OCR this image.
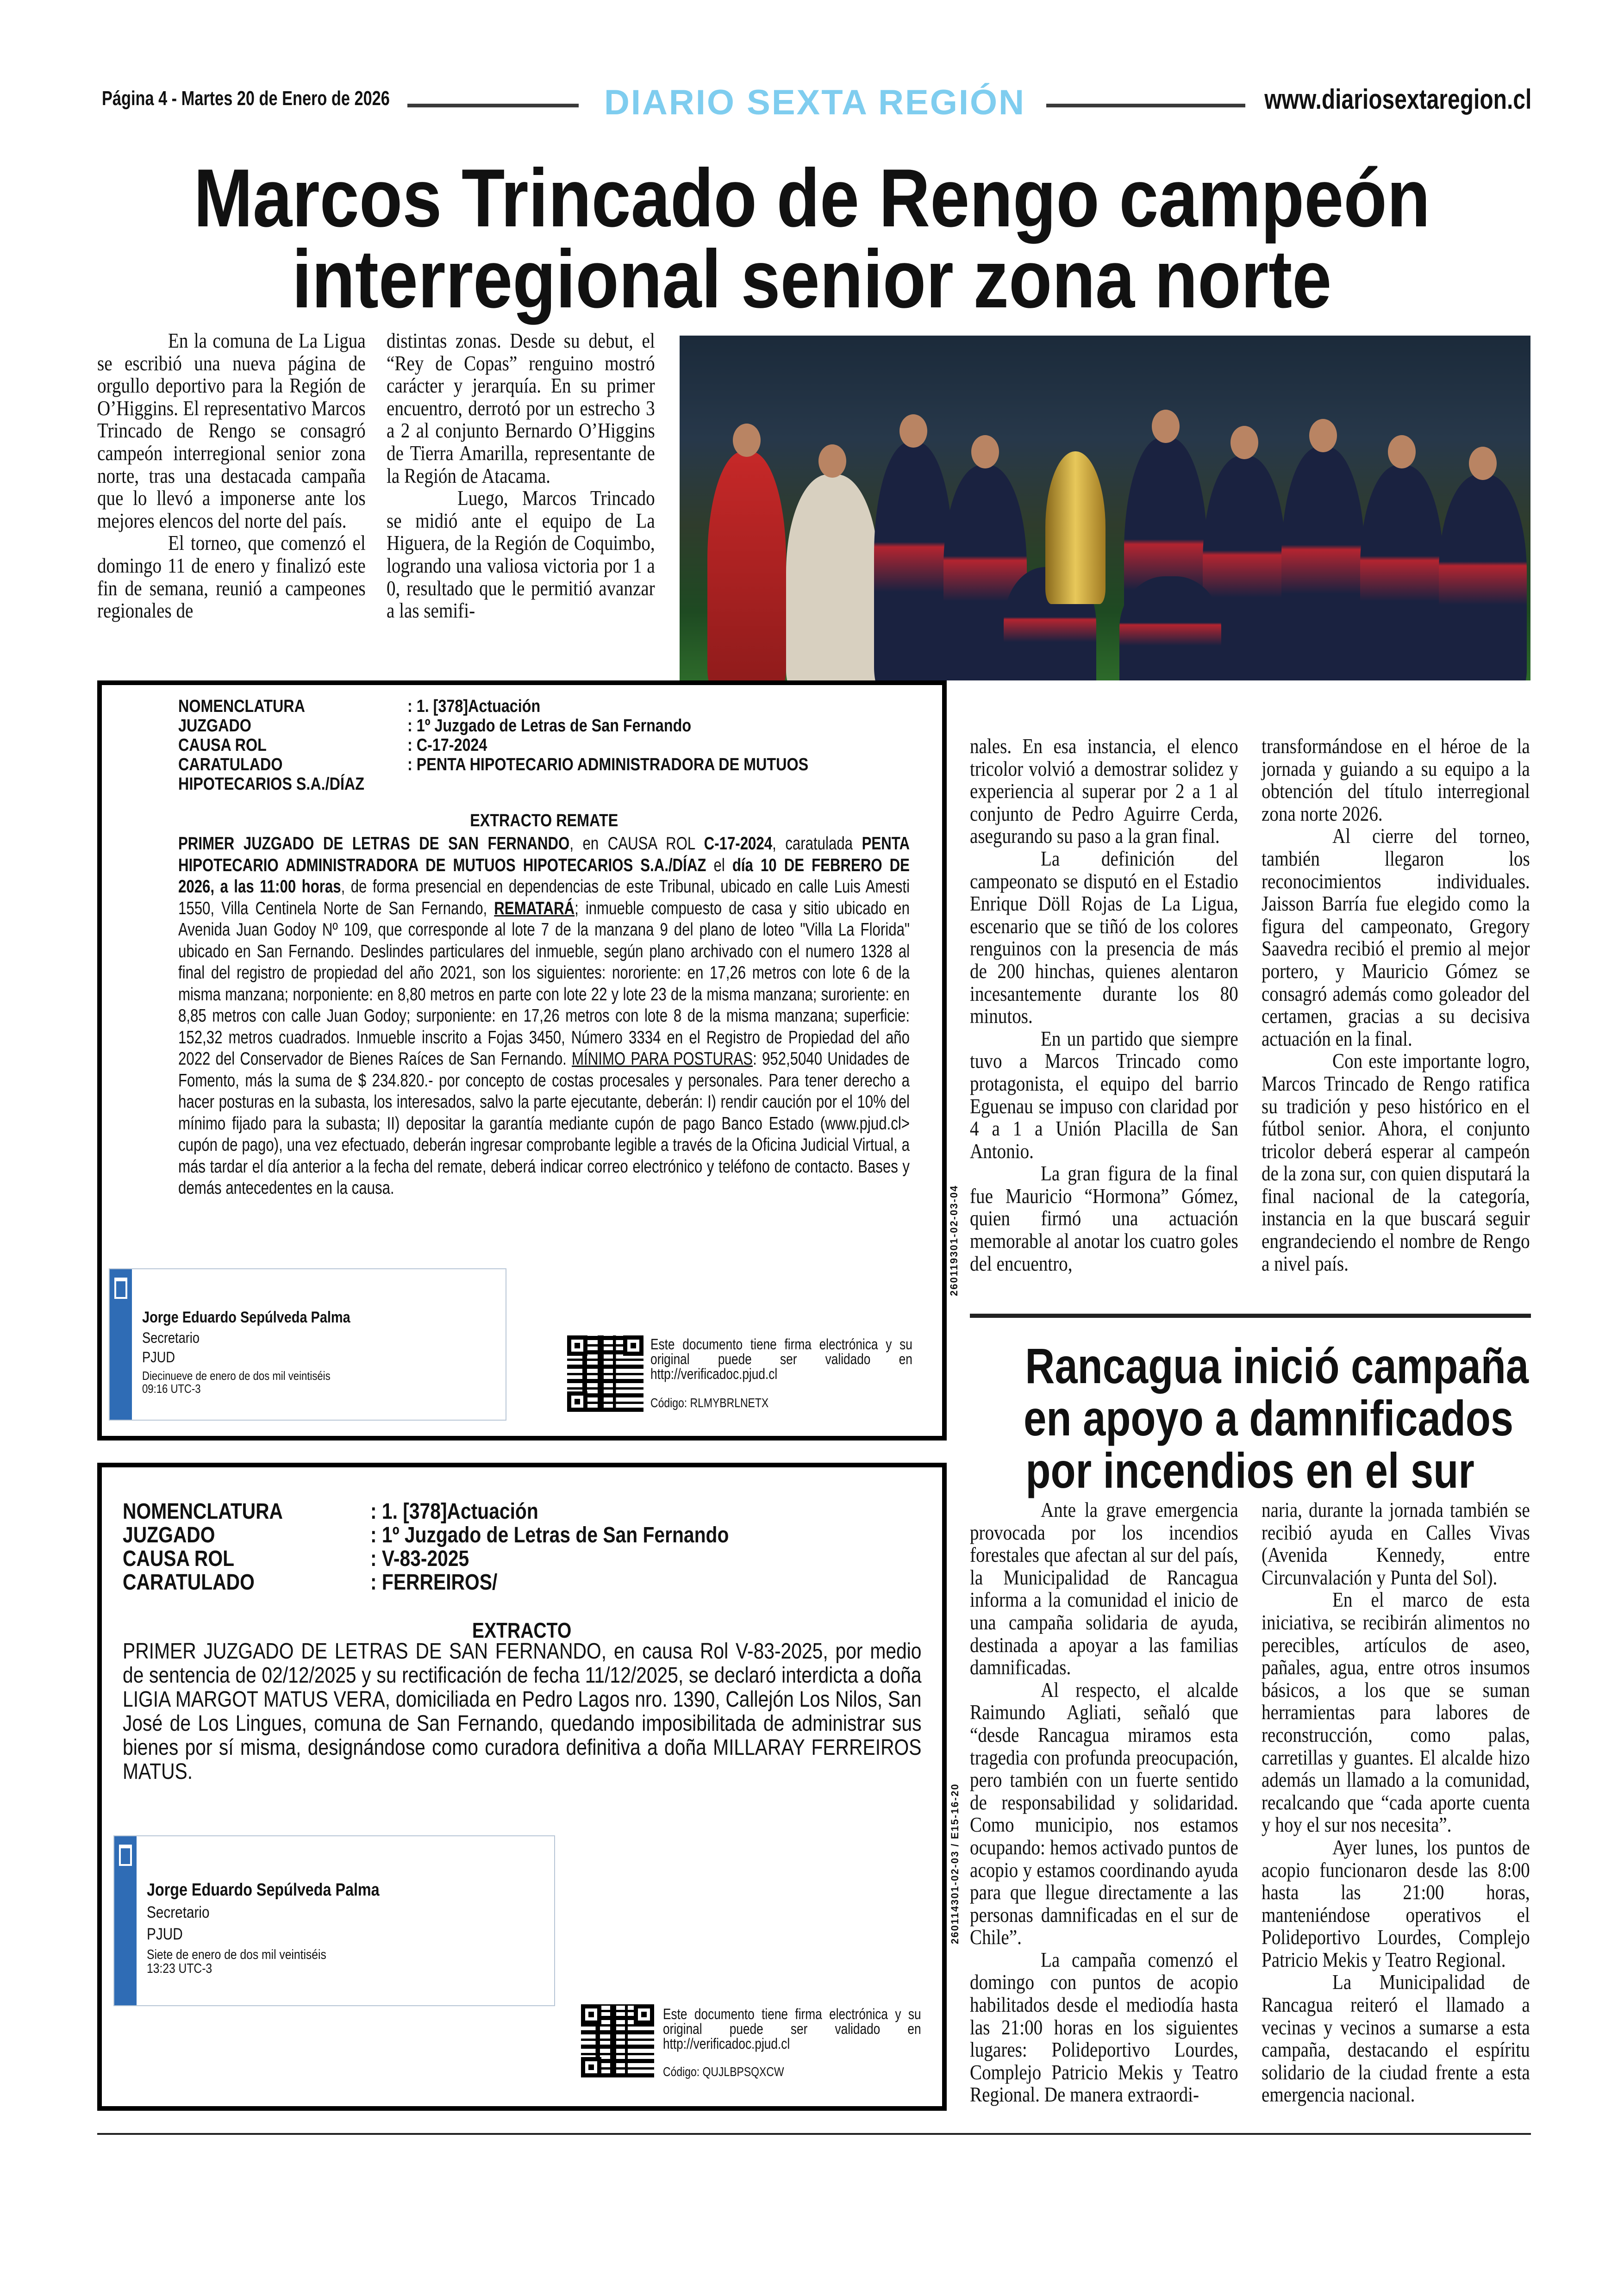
Página 4 - Martes 20 de Enero de 2026	DIARIO SEXTA REGIÓN	www.diariosextaregion.cl
Marcos Trincado de Rengo campeón
interregional senior zona norte

En la comuna de La Ligua se escribió una nueva página de orgullo deportivo para la Región de O’Higgins. El representativo Marcos Trincado de Rengo se consagró campeón interregional senior zona norte, tras una destacada campaña que lo llevó a imponerse ante los mejores elencos del norte del país.

El torneo, que comenzó el domingo 11 de enero y finalizó este fin de semana, reunió a campeones regionales de

distintas zonas. Desde su debut, el “Rey de Copas” renguino mostró carácter y jerarquía. En su primer encuentro, derrotó por un estrecho 3 a 2 al conjunto Bernardo O’Higgins de Tierra Amarilla, representante de la Región de Atacama.

Luego, Marcos Trincado se midió ante el equipo de La Higuera, de la Región de Coquimbo, logrando una valiosa victoria por 1 a 0, resultado que le permitió avanzar a las semifi-

NOMENCLATURA	: 1. [378]Actuación
JUZGADO	: 1º Juzgado de Letras de San Fernando
CAUSA ROL	: C-17-2024
CARATULADO	: PENTA HIPOTECARIO ADMINISTRADORA DE MUTUOS
HIPOTECARIOS S.A./DÍAZ
EXTRACTO REMATE
PRIMER JUZGADO DE LETRAS DE SAN FERNANDO, en CAUSA ROL C-17-2024, caratulada PENTA HIPOTECARIO ADMINISTRADORA DE MUTUOS HIPOTECARIOS S.A./DÍAZ el día 10 DE FEBRERO DE 2026, a las 11:00 horas, de forma presencial en dependencias de este Tribunal, ubicado en calle Luis Amesti 1550, Villa Centinela Norte de San Fernando, REMATARÁ; inmueble compuesto de casa y sitio ubicado en Avenida Juan Godoy Nº 109, que corresponde al lote 7 de la manzana 9 del plano de loteo "Villa La Florida" ubicado en San Fernando. Deslindes particulares del inmueble, según plano archivado con el numero 1328 al final del registro de propiedad del año 2021, son los siguientes: nororiente: en 17,26 metros con lote 6 de la misma manzana; norponiente: en 8,80 metros en parte con lote 22 y lote 23 de la misma manzana; suroriente: en 8,85 metros con calle Juan Godoy; surponiente: en 17,26 metros con lote 8 de la misma manzana; superficie: 152,32 metros cuadrados. Inmueble inscrito a Fojas 3450, Número 3334 en el Registro de Propiedad del año 2022 del Conservador de Bienes Raíces de San Fernando. MÍNIMO PARA POSTURAS: 952,5040 Unidades de Fomento, más la suma de $ 234.820.- por concepto de costas procesales y personales. Para tener derecho a hacer posturas en la subasta, los interesados, salvo la parte ejecutante, deberán: I) rendir caución por el 10% del mínimo fijado para la subasta; II) depositar la garantía mediante cupón de pago Banco Estado (www.pjud.cl> cupón de pago), una vez efectuado, deberán ingresar comprobante legible a través de la Oficina Judicial Virtual, a más tardar el día anterior a la fecha del remate, deberá indicar correo electrónico y teléfono de contacto. Bases y demás antecedentes en la causa.
Jorge Eduardo Sepúlveda Palma
Secretario
PJUD
Diecinueve de enero de dos mil veintiséis
09:16 UTC-3
Este documento tiene firma electrónica y su original puede ser validado en http://verificadoc.pjud.cl
Código: RLMYBRLNETX
260119301-02-03-04
NOMENCLATURA	: 1. [378]Actuación
JUZGADO	: 1º Juzgado de Letras de San Fernando
CAUSA ROL	: V-83-2025
CARATULADO	: FERREIROS/
EXTRACTO
PRIMER JUZGADO DE LETRAS DE SAN FERNANDO, en causa Rol V-83-2025, por medio de sentencia de 02/12/2025 y su rectificación de fecha 11/12/2025, se declaró interdicta a doña LIGIA MARGOT MATUS VERA, domiciliada en Pedro Lagos nro. 1390, Callejón Los Nilos, San José de Los Lingues, comuna de San Fernando, quedando imposibilitada de administrar sus bienes por sí misma, designándose como curadora definitiva a doña MILLARAY FERREIROS MATUS.
Jorge Eduardo Sepúlveda Palma
Secretario
PJUD
Siete de enero de dos mil veintiséis
13:23 UTC-3
Este documento tiene firma electrónica y su original puede ser validado en http://verificadoc.pjud.cl
Código: QUJLBPSQXCW
260114301-02-03 / E15-16-20

nales. En esa instancia, el elenco tricolor volvió a demostrar solidez y experiencia al superar por 2 a 1 al conjunto de Pedro Aguirre Cerda, asegurando su paso a la gran final.

La definición del campeonato se disputó en el Estadio Enrique Döll Rojas de La Ligua, escenario que se tiñó de los colores renguinos con la presencia de más de 200 hinchas, quienes alentaron incesantemente durante los 80 minutos.

En un partido que siempre tuvo a Marcos Trincado como protagonista, el equipo del barrio Eguenau se impuso con claridad por 4 a 1 a Unión Placilla de San Antonio.

La gran figura de la final fue Mauricio “Hormona” Gómez, quien firmó una actuación memorable al anotar los cuatro goles del encuentro,

transformándose en el héroe de la jornada y guiando a su equipo a la obtención del título interregional zona norte 2026.

Al cierre del torneo, también llegaron los reconocimientos individuales. Jaisson Barría fue elegido como la figura del campeonato, Gregory Saavedra recibió el premio al mejor portero, y Mauricio Gómez se consagró además como goleador del certamen, gracias a su decisiva actuación en la final.

Con este importante logro, Marcos Trincado de Rengo ratifica su tradición y peso histórico en el fútbol senior. Ahora, el conjunto tricolor deberá esperar al campeón de la zona sur, con quien disputará la final nacional de la categoría, instancia en la que buscará seguir engrandeciendo el nombre de Rengo a nivel país.

Rancagua inició campaña
en apoyo a damnificados
por incendios en el sur

Ante la grave emergencia provocada por los incendios forestales que afectan al sur del país, la Municipalidad de Rancagua informa a la comunidad el inicio de una campaña solidaria de ayuda, destinada a apoyar a las familias damnificadas.

Al respecto, el alcalde Raimundo Agliati, señaló que “desde Rancagua miramos esta tragedia con profunda preocupación, pero también con un fuerte sentido de responsabilidad y solidaridad. Como municipio, nos estamos ocupando: hemos activado puntos de acopio y estamos coordinando ayuda para que llegue directamente a las personas damnificadas en el sur de Chile”.

La campaña comenzó el domingo con puntos de acopio habilitados desde el mediodía hasta las 21:00 horas en los siguientes lugares: Polideportivo Lourdes, Complejo Patricio Mekis y Teatro Regional. De manera extraordi-

naria, durante la jornada también se recibió ayuda en Calles Vivas (Avenida Kennedy, entre Circunvalación y Punta del Sol).

En el marco de esta iniciativa, se recibirán alimentos no perecibles, artículos de aseo, pañales, agua, entre otros insumos básicos, a los que se suman herramientas para labores de reconstrucción, como palas, carretillas y guantes. El alcalde hizo además un llamado a la comunidad, recalcando que “cada aporte cuenta y hoy el sur nos necesita”.

Ayer lunes, los puntos de acopio funcionaron desde las 8:00 hasta las 21:00 horas, manteniéndose operativos el Polideportivo Lourdes, Complejo Patricio Mekis y Teatro Regional.

La Municipalidad de Rancagua reiteró el llamado a vecinas y vecinos a sumarse a esta campaña, destacando el espíritu solidario de la ciudad frente a esta emergencia nacional.
